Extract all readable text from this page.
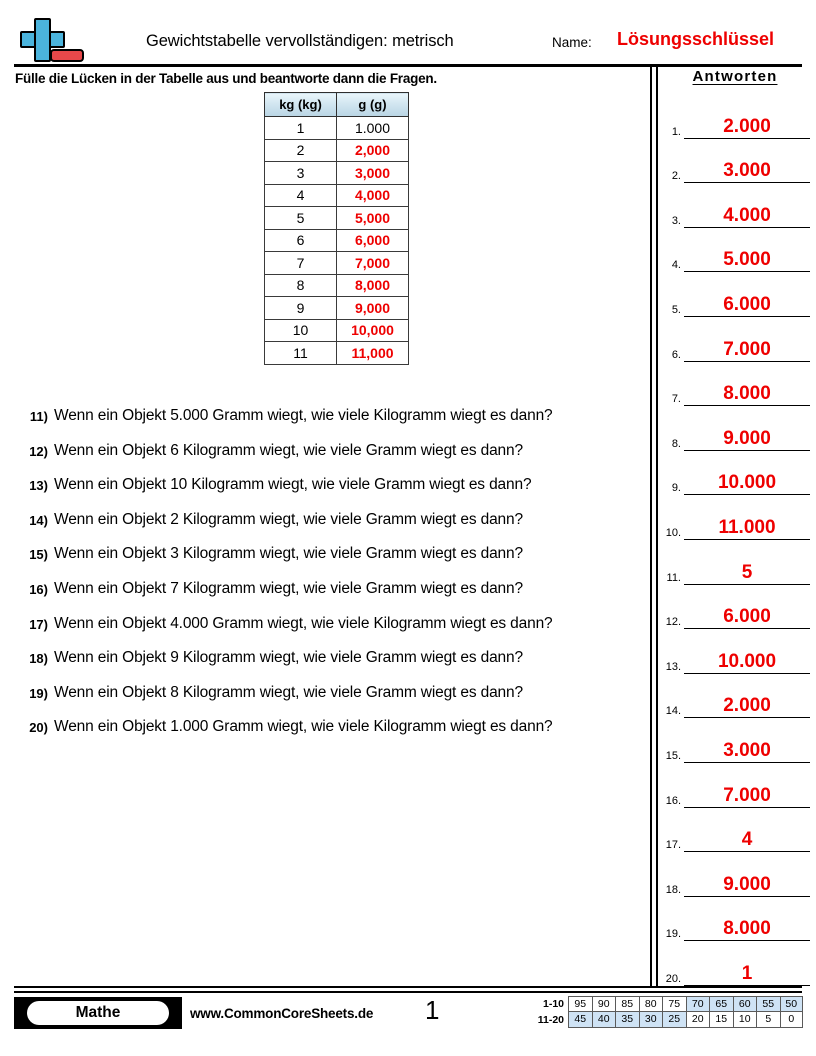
Gewichtstabelle vervollständigen: metrisch	Name: Lösungsschlüssel
Fülle die Lücken in der Tabelle aus und beantworte dann die Fragen.
kg (kg)	g (g)
1	1.000
2	2,000
3	3,000
4	4,000
5	5,000
6	6,000
7	7,000
8	8,000
9	9,000
10	10,000
11	11,000
11) Wenn ein Objekt 5.000 Gramm wiegt, wie viele Kilogramm wiegt es dann?
12) Wenn ein Objekt 6 Kilogramm wiegt, wie viele Gramm wiegt es dann?
13) Wenn ein Objekt 10 Kilogramm wiegt, wie viele Gramm wiegt es dann?
14) Wenn ein Objekt 2 Kilogramm wiegt, wie viele Gramm wiegt es dann?
15) Wenn ein Objekt 3 Kilogramm wiegt, wie viele Gramm wiegt es dann?
16) Wenn ein Objekt 7 Kilogramm wiegt, wie viele Gramm wiegt es dann?
17) Wenn ein Objekt 4.000 Gramm wiegt, wie viele Kilogramm wiegt es dann?
18) Wenn ein Objekt 9 Kilogramm wiegt, wie viele Gramm wiegt es dann?
19) Wenn ein Objekt 8 Kilogramm wiegt, wie viele Gramm wiegt es dann?
20) Wenn ein Objekt 1.000 Gramm wiegt, wie viele Kilogramm wiegt es dann?
Antworten
1.	2.000
2.	3.000
3.	4.000
4.	5.000
5.	6.000
6.	7.000
7.	8.000
8.	9.000
9.	10.000
10.	11.000
11.	5
12.	6.000
13.	10.000
14.	2.000
15.	3.000
16.	7.000
17.	4
18.	9.000
19.	8.000
20.	1
Mathe	www.CommonCoreSheets.de 1	1-10 95	90	85	80	75	70	65	60	55	50
11-20 45	40	35	30	25	20	15	10	5	0
